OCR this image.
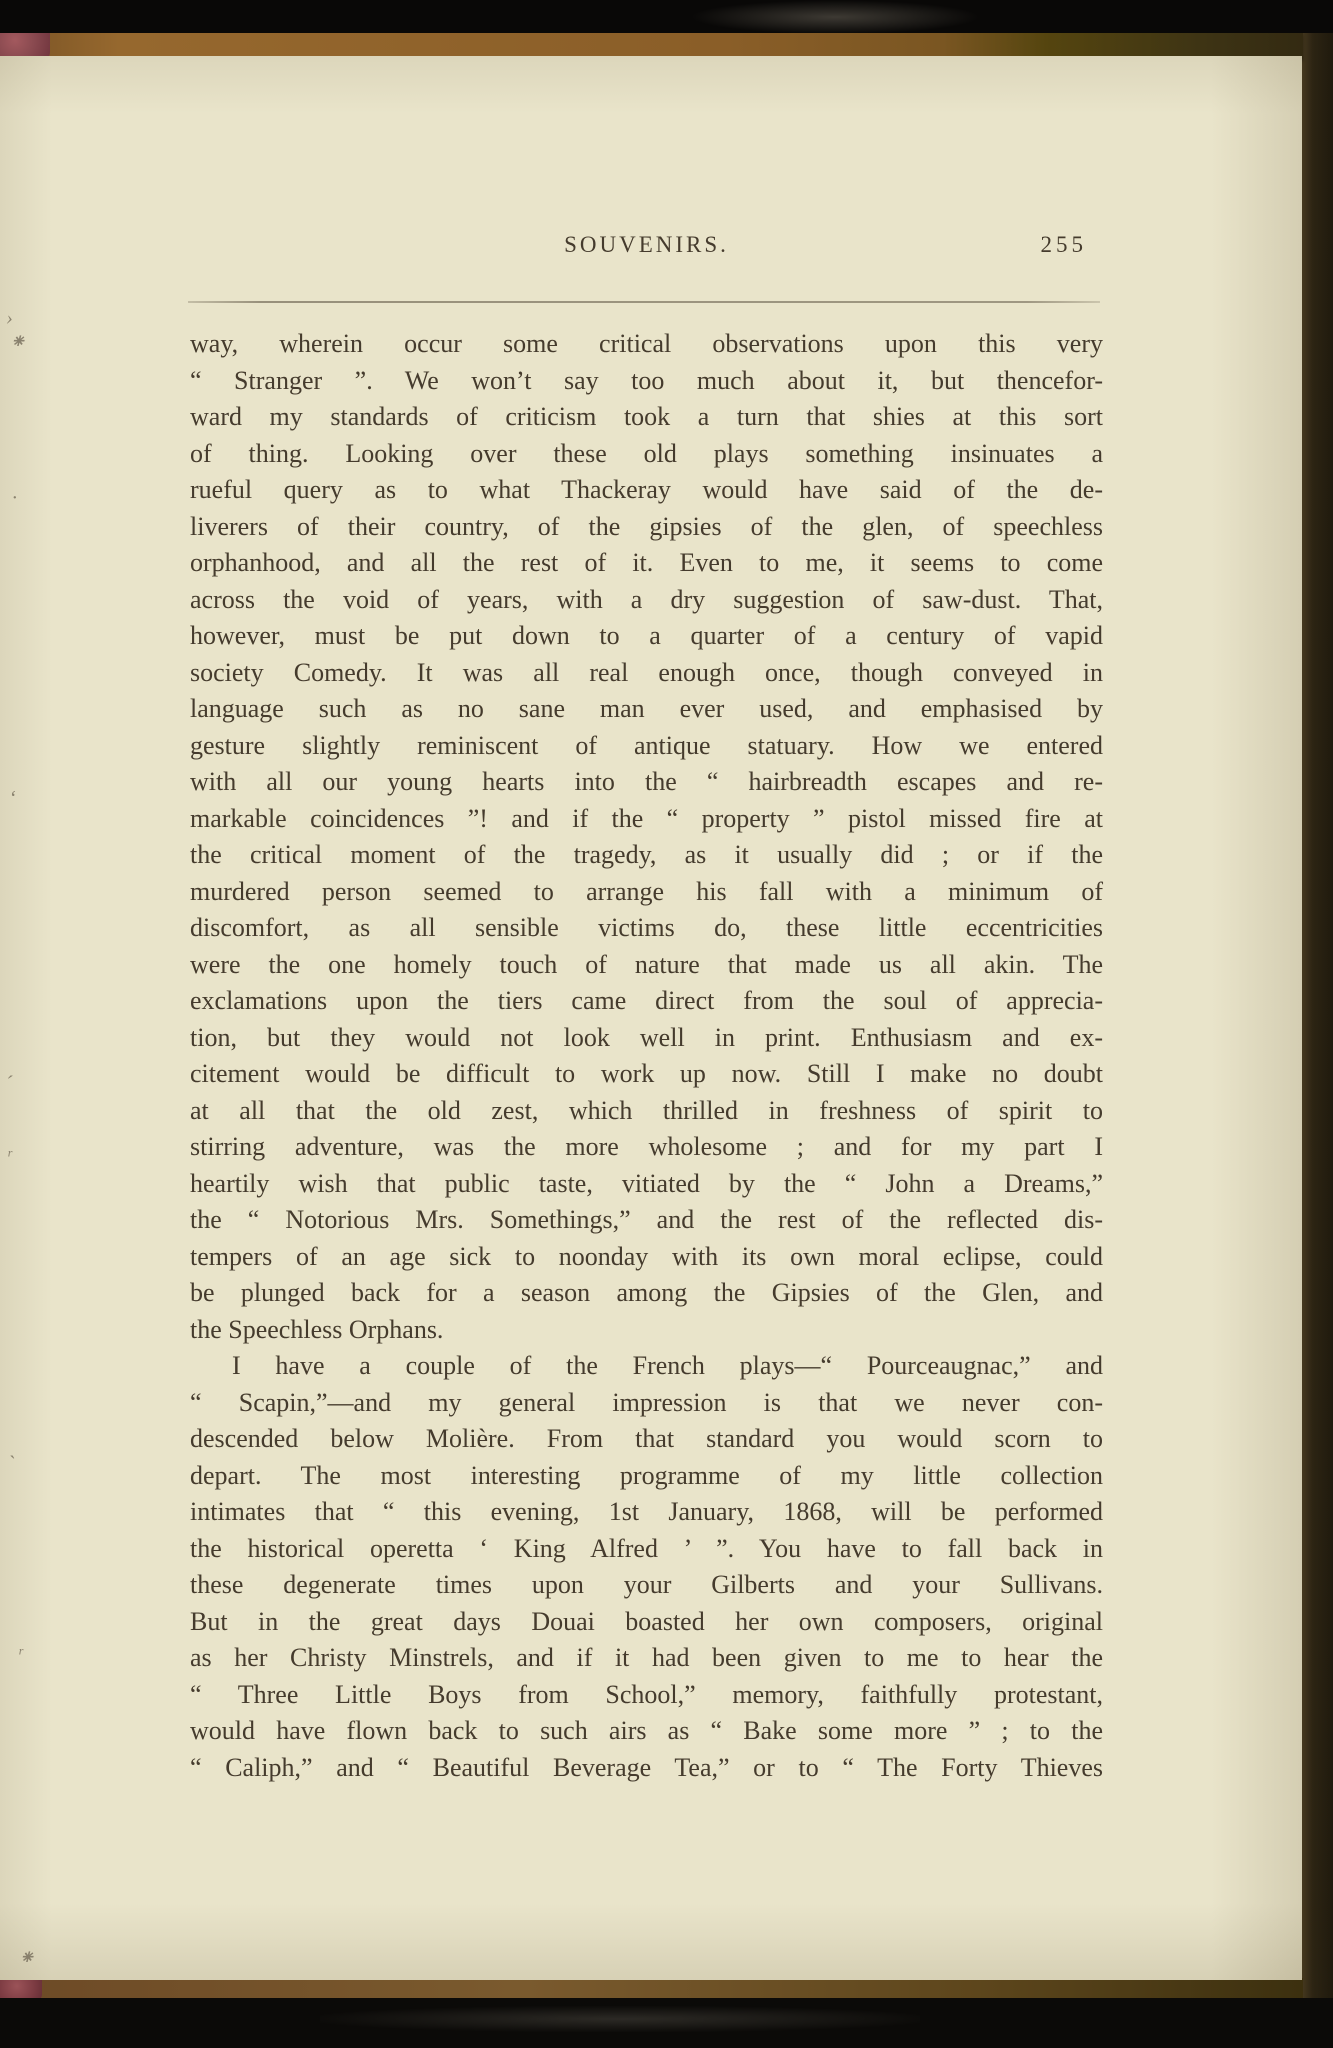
SOUVENIRS.	255
way, wherein occur some critical observations upon this very
“ Stranger ”. We won’t say too much about it, but thencefor-
ward my standards of criticism took a turn that shies at this sort
of thing. Looking over these old plays something insinuates a
rueful query as to what Thackeray would have said of the de-
liverers of their country, of the gipsies of the glen, of speechless
orphanhood, and all the rest of it. Even to me, it seems to come
across the void of years, with a dry suggestion of saw-dust. That,
however, must be put down to a quarter of a century of vapid
society Comedy. It was all real enough once, though conveyed in
language such as no sane man ever used, and emphasised by
gesture slightly reminiscent of antique statuary. How we entered
with all our young hearts into the “ hairbreadth escapes and re-
markable coincidences ”! and if the “ property ” pistol missed fire at
the critical moment of the tragedy, as it usually did ; or if the
murdered person seemed to arrange his fall with a minimum of
discomfort, as all sensible victims do, these little eccentricities
were the one homely touch of nature that made us all akin. The
exclamations upon the tiers came direct from the soul of apprecia-
tion, but they would not look well in print. Enthusiasm and ex-
citement would be difficult to work up now. Still I make no doubt
at all that the old zest, which thrilled in freshness of spirit to
stirring adventure, was the more wholesome ; and for my part I
heartily wish that public taste, vitiated by the “ John a Dreams,”
the “ Notorious Mrs. Somethings,” and the rest of the reflected dis-
tempers of an age sick to noonday with its own moral eclipse, could
be plunged back for a season among the Gipsies of the Glen, and
the Speechless Orphans.
I have a couple of the French plays—“ Pourceaugnac,” and
“ Scapin,”—and my general impression is that we never con-
descended below Molière. From that standard you would scorn to
depart. The most interesting programme of my little collection
intimates that “ this evening, 1st January, 1868, will be performed
the historical operetta ‘ King Alfred ’ ”. You have to fall back in
these degenerate times upon your Gilberts and your Sullivans.
But in the great days Douai boasted her own composers, original
as her Christy Minstrels, and if it had been given to me to hear the
“ Three Little Boys from School,” memory, faithfully protestant,
would have flown back to such airs as “ Bake some more ” ; to the
“ Caliph,” and “ Beautiful Beverage Tea,” or to “ The Forty Thieves
›
⁕
·
ʻ
ˏ
ʳ
ˎ
ʳ
⁕
